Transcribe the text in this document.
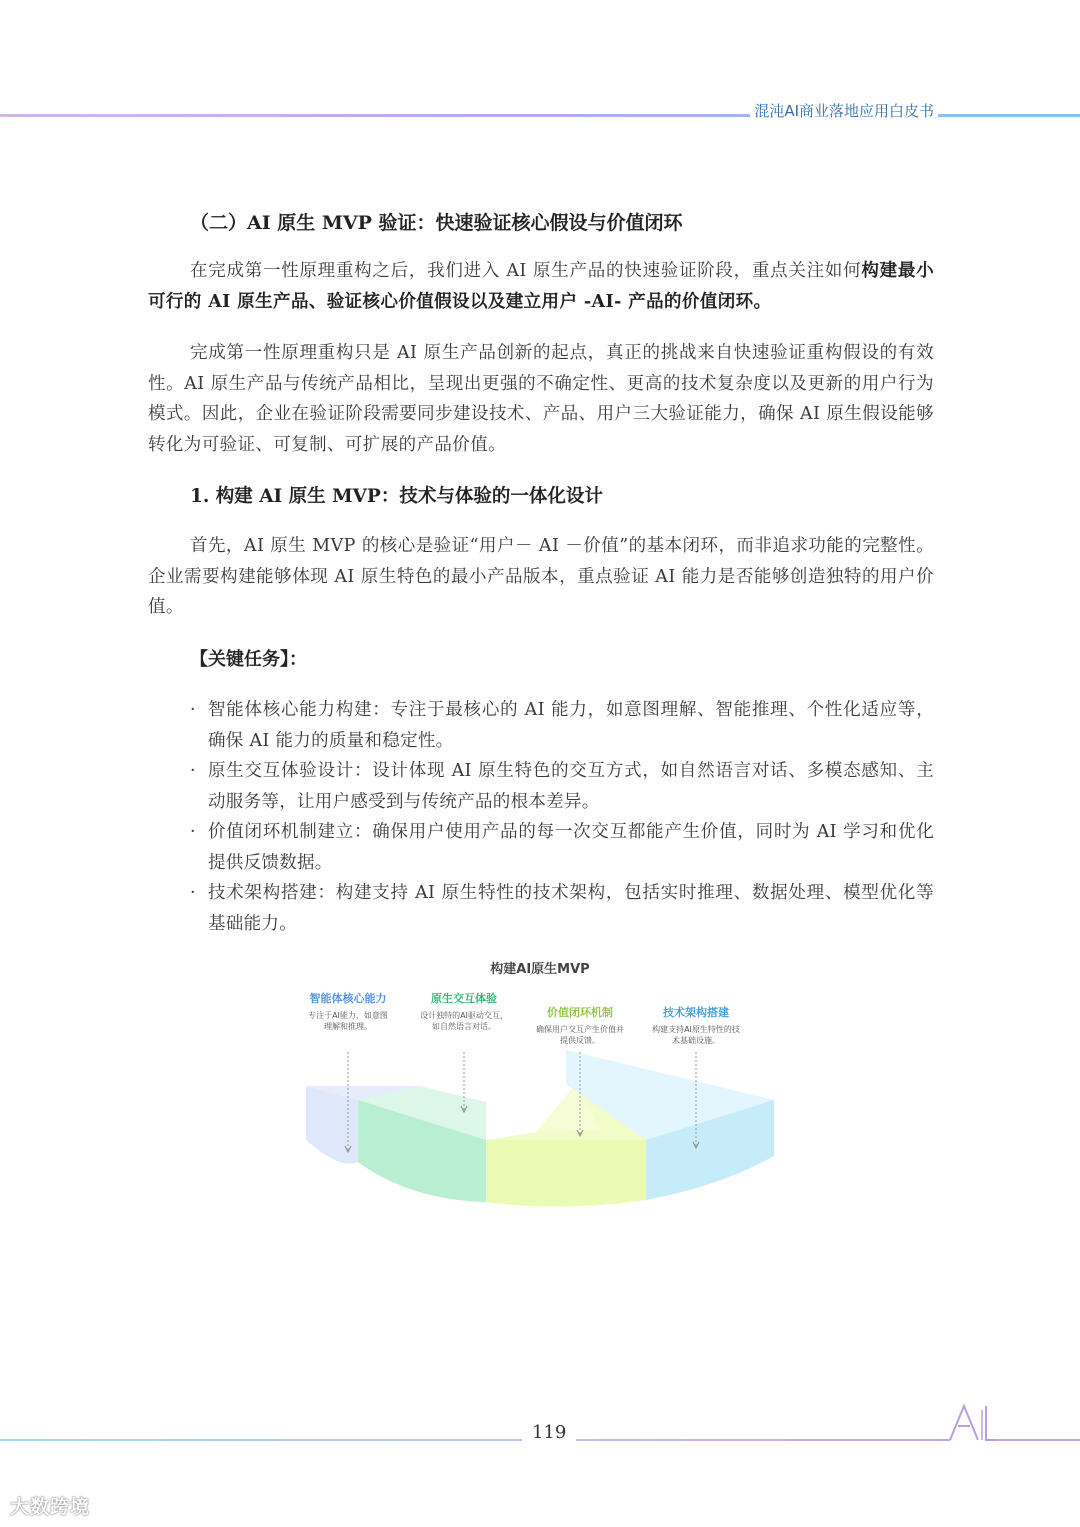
混沌AI商业落地应用白皮书
（二）AI 原生 MVP 验证：快速验证核心假设与价值闭环
在完成第一性原理重构之后，我们进入 AI 原生产品的快速验证阶段，重点关注如何构建最小可行的 AI 原生产品、验证核心价值假设以及建立用户 -AI- 产品的价值闭环。
完成第一性原理重构只是 AI 原生产品创新的起点，真正的挑战来自快速验证重构假设的有效性。AI 原生产品与传统产品相比，呈现出更强的不确定性、更高的技术复杂度以及更新的用户行为模式。因此，企业在验证阶段需要同步建设技术、产品、用户三大验证能力，确保 AI 原生假设能够转化为可验证、可复制、可扩展的产品价值。
1. 构建 AI 原生 MVP：技术与体验的一体化设计
首先，AI 原生 MVP 的核心是验证“用户－ AI －价值”的基本闭环，而非追求功能的完整性。企业需要构建能够体现 AI 原生特色的最小产品版本，重点验证 AI 能力是否能够创造独特的用户价值。
【关键任务】：
· 智能体核心能力构建：专注于最核心的 AI 能力，如意图理解、智能推理、个性化适应等，确保 AI 能力的质量和稳定性。
· 原生交互体验设计：设计体现 AI 原生特色的交互方式，如自然语言对话、多模态感知、主动服务等，让用户感受到与传统产品的根本差异。
· 价值闭环机制建立：确保用户使用产品的每一次交互都能产生价值，同时为 AI 学习和优化提供反馈数据。
· 技术架构搭建：构建支持 AI 原生特性的技术架构，包括实时推理、数据处理、模型优化等基础能力。
构建AI原生MVP
智能体核心能力
专注于AI能力，如意图理解和推理。
原生交互体验
设计独特的AI驱动交互，如自然语言对话。
价值闭环机制
确保用户交互产生价值并提供反馈。
技术架构搭建
构建支持AI原生特性的技术基础设施。
119
大数跨境
